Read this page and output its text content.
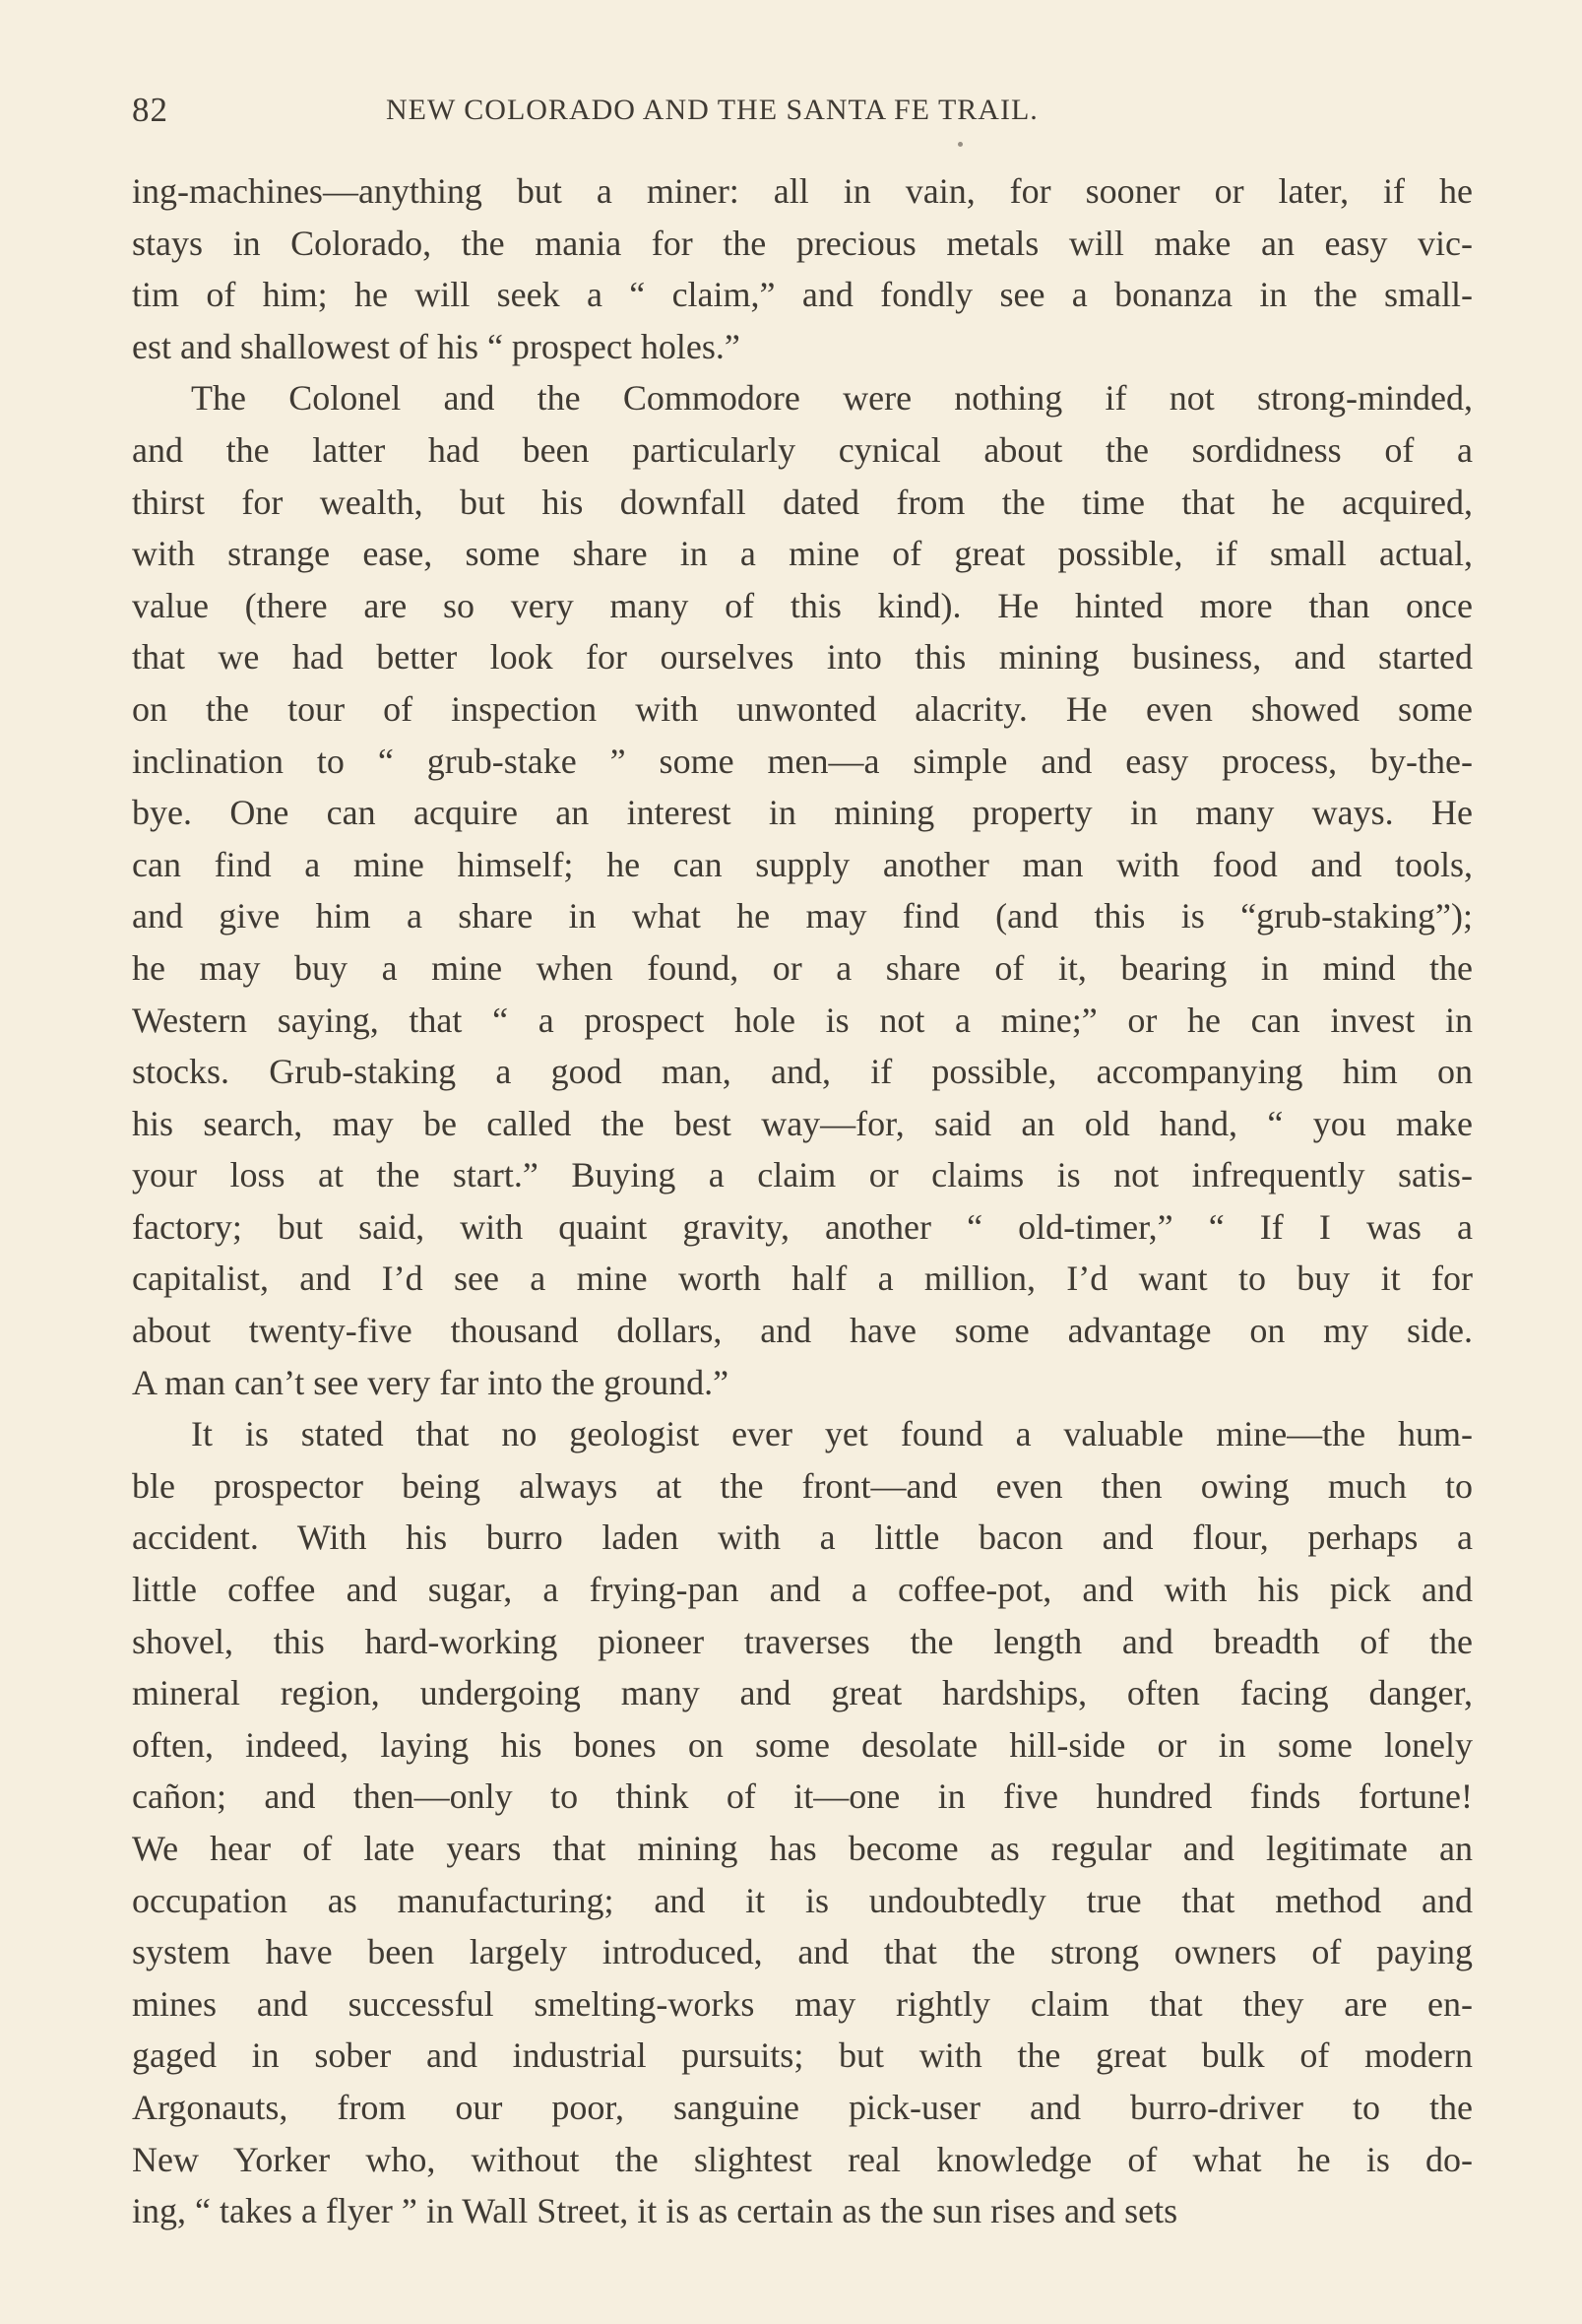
82	NEW COLORADO AND THE SANTA FE TRAIL.
ing-machines—anything but a miner: all in vain, for sooner or later, if he
stays in Colorado, the mania for the precious metals will make an easy vic-
tim of him; he will seek a “ claim,” and fondly see a bonanza in the small-
est and shallowest of his “ prospect holes.”
The Colonel and the Commodore were nothing if not strong-minded,
and the latter had been particularly cynical about the sordidness of a
thirst for wealth, but his downfall dated from the time that he acquired,
with strange ease, some share in a mine of great possible, if small actual,
value (there are so very many of this kind). He hinted more than once
that we had better look for ourselves into this mining business, and started
on the tour of inspection with unwonted alacrity. He even showed some
inclination to “ grub-stake ” some men—a simple and easy process, by-the-
bye. One can acquire an interest in mining property in many ways. He
can find a mine himself; he can supply another man with food and tools,
and give him a share in what he may find (and this is “grub-staking”);
he may buy a mine when found, or a share of it, bearing in mind the
Western saying, that “ a prospect hole is not a mine;” or he can invest in
stocks. Grub-staking a good man, and, if possible, accompanying him on
his search, may be called the best way—for, said an old hand, “ you make
your loss at the start.” Buying a claim or claims is not infrequently satis-
factory; but said, with quaint gravity, another “ old-timer,” “ If I was a
capitalist, and I’d see a mine worth half a million, I’d want to buy it for
about twenty-five thousand dollars, and have some advantage on my side.
A man can’t see very far into the ground.”
It is stated that no geologist ever yet found a valuable mine—the hum-
ble prospector being always at the front—and even then owing much to
accident. With his burro laden with a little bacon and flour, perhaps a
little coffee and sugar, a frying-pan and a coffee-pot, and with his pick and
shovel, this hard-working pioneer traverses the length and breadth of the
mineral region, undergoing many and great hardships, often facing danger,
often, indeed, laying his bones on some desolate hill-side or in some lonely
cañon; and then—only to think of it—one in five hundred finds fortune!
We hear of late years that mining has become as regular and legitimate an
occupation as manufacturing; and it is undoubtedly true that method and
system have been largely introduced, and that the strong owners of paying
mines and successful smelting-works may rightly claim that they are en-
gaged in sober and industrial pursuits; but with the great bulk of modern
Argonauts, from our poor, sanguine pick-user and burro-driver to the
New Yorker who, without the slightest real knowledge of what he is do-
ing, “ takes a flyer ” in Wall Street, it is as certain as the sun rises and sets
